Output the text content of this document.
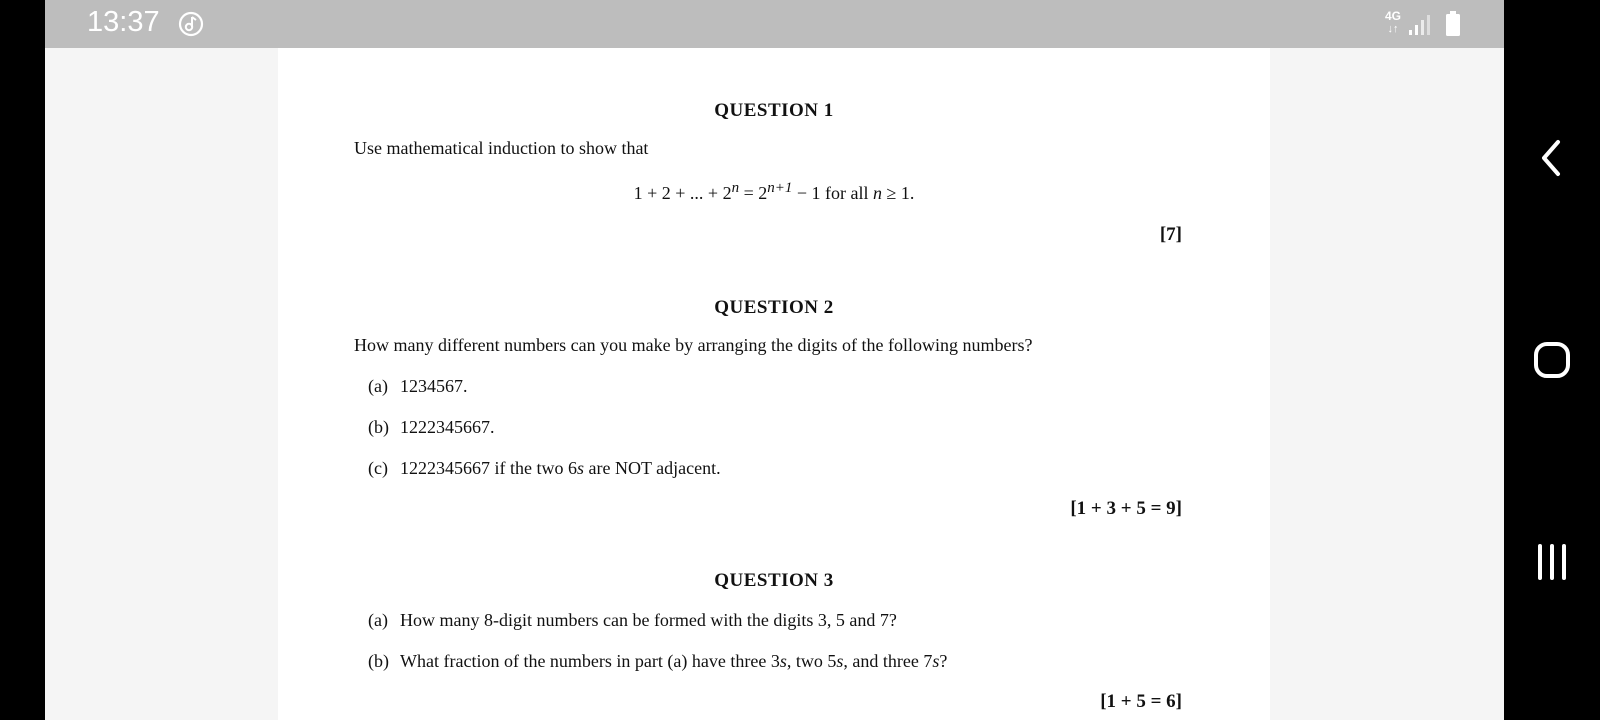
13:37	4G
↓↑
QUESTION 1
Use mathematical induction to show that
1 + 2 + ... + $2^n = 2^{n+1} - 1$ for all n ≥ 1.
[7]
QUESTION 2
How many different numbers can you make by arranging the digits of the following numbers?
(a) 1234567.
(b) 1222345667.
(c) 1222345667 if the two 6s are NOT adjacent.
[1 + 3 + 5 = 9]
QUESTION 3
(a) How many 8-digit numbers can be formed with the digits 3, 5 and 7?
(b) What fraction of the numbers in part (a) have three 3s, two 5s, and three 7s?
[1 + 5 = 6]
